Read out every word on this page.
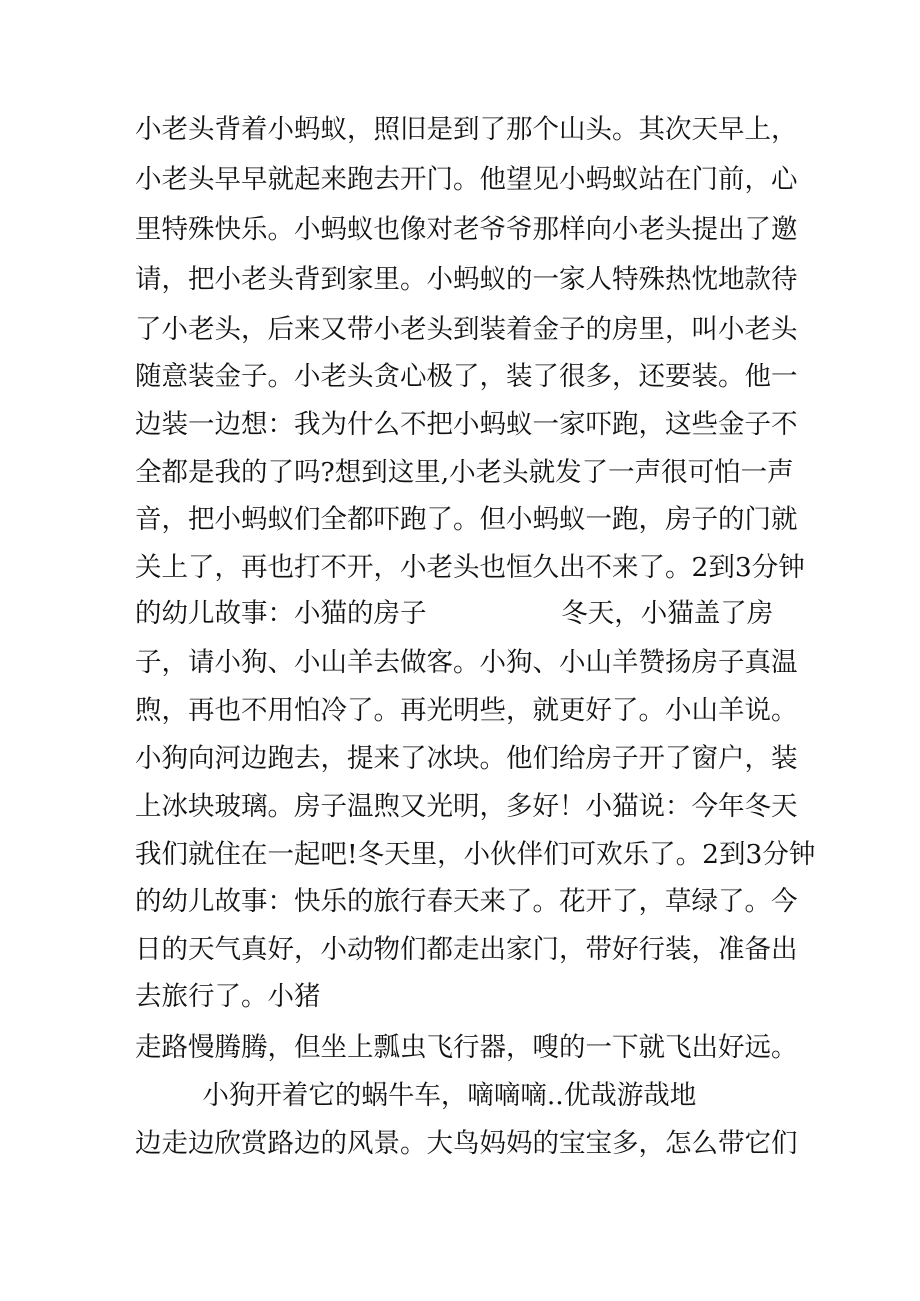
小老头背着小蚂蚁，照旧是到了那个山头。其次天早上，
小老头早早就起来跑去开门。他望见小蚂蚁站在门前，心
里特殊快乐。小蚂蚁也像对老爷爷那样向小老头提出了邀
请，把小老头背到家里。小蚂蚁的一家人特殊热忱地款待
了小老头，后来又带小老头到装着金子的房里，叫小老头
随意装金子。小老头贪心极了，装了很多，还要装。他一
边装一边想：我为什么不把小蚂蚁一家吓跑，这些金子不
全都是我的了吗?想到这里,小老头就发了一声很可怕一声
音，把小蚂蚁们全都吓跑了。但小蚂蚁一跑，房子的门就
关上了，再也打不开，小老头也恒久出不来了。2到3分钟
的幼儿故事：小猫的房子                冬天，小猫盖了房
子，请小狗、小山羊去做客。小狗、小山羊赞扬房子真温
煦，再也不用怕冷了。再光明些，就更好了。小山羊说。
小狗向河边跑去，提来了冰块。他们给房子开了窗户，装
上冰块玻璃。房子温煦又光明，多好！小猫说：今年冬天
我们就住在一起吧!冬天里，小伙伴们可欢乐了。2到3分钟
的幼儿故事：快乐的旅行春天来了。花开了，草绿了。今
日的天气真好，小动物们都走出家门，带好行装，准备出
去旅行了。小猪
走路慢腾腾，但坐上瓢虫飞行器，嗖的一下就飞出好远。
小狗开着它的蜗牛车，嘀嘀嘀..优哉游哉地
边走边欣赏路边的风景。大鸟妈妈的宝宝多，怎么带它们
